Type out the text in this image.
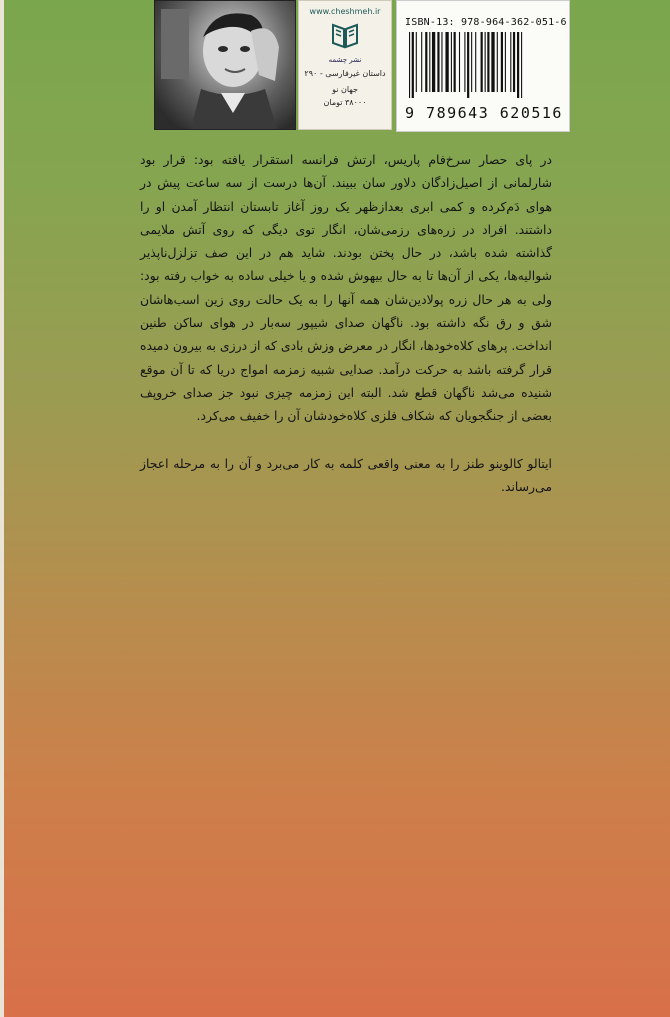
www.cheshmeh.ir
نشر چشمه
داستان غیرفارسی - ۲۹۰
جهان نو
۳۸۰۰۰ تومان
ISBN-13: 978-964-362-051-6
9 789643 620516

در پای حصار سرخ‌فام پاریس، ارتش فرانسه استقرار یافته بود: قرار بود شارلمانی از اصیل‌زادگان دلاور سان ببیند. آن‌ها درست از سه ساعت پیش در هوای دَم‌کرده و کمی ابری بعدازظهر یک روز آغاز تابستان انتظار آمدن او را داشتند. افراد در زره‌های رزمی‌شان، انگار توی دیگی که روی آتش ملایمی گذاشته شده باشد، در حال پختن بودند. شاید هم در این صف تزلزل‌ناپذیر شوالیه‌ها، یکی از آن‌ها تا به حال بیهوش شده و یا خیلی ساده به خواب رفته بود: ولی به هر حال زره پولادین‌شان همه آنها را به یک حالت روی زین اسب‌هاشان شق و رق نگه داشته بود. ناگهان صدای شیپور سه‌بار در هوای ساکن طنین انداخت. پرهای کلاه‌خودها، انگار در معرض وزش بادی که از درزی به بیرون دمیده قرار گرفته باشد به حرکت درآمد. صدایی شبیه زمزمه امواج دریا که تا آن موقع شنیده می‌شد ناگهان قطع شد. البته این زمزمه چیزی نبود جز صدای خروپف بعضی از جنگجویان که شکاف فلزی کلاه‌خودشان آن را خفیف می‌کرد.

ایتالو کالوینو طنز را به معنی واقعی کلمه به کار می‌برد و آن را به مرحله اعجاز می‌رساند.
